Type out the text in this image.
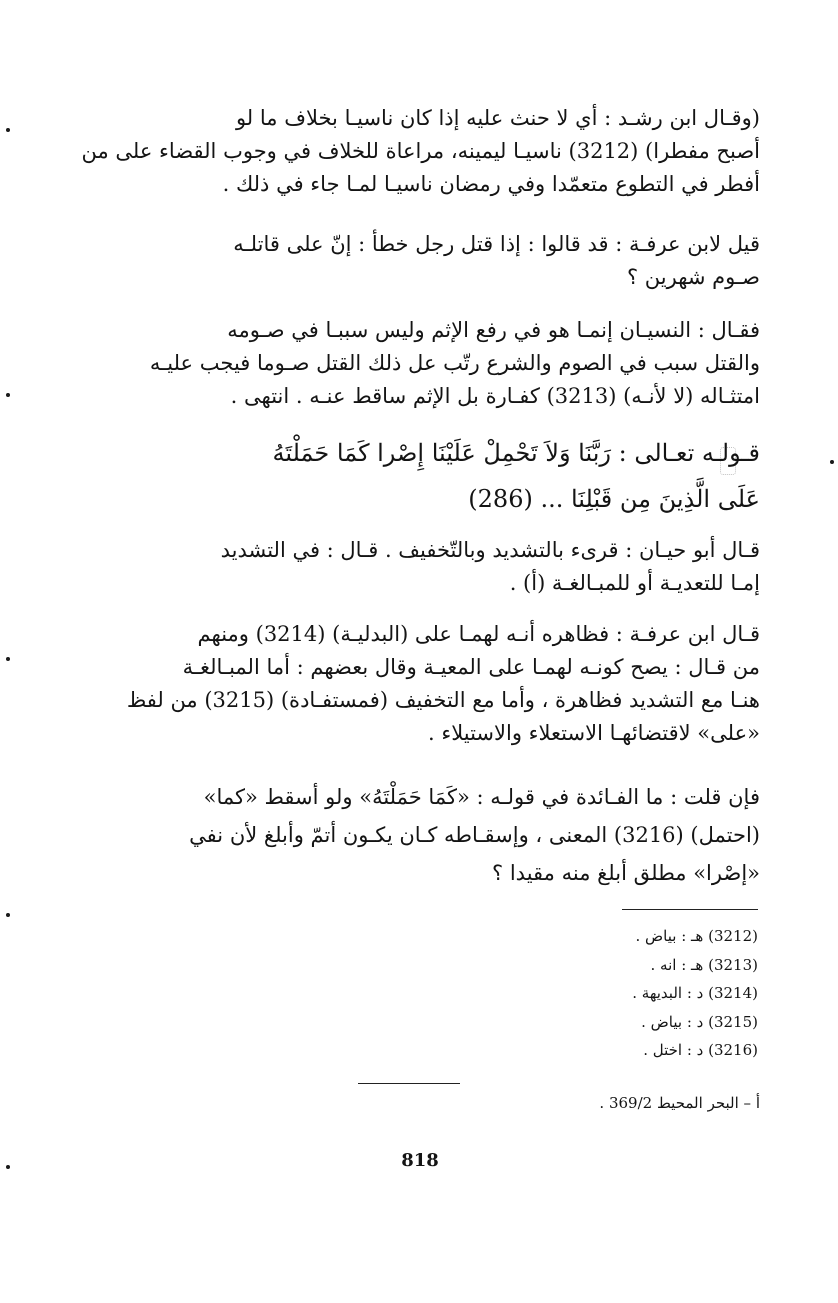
(وقـال ابن رشـد : أي لا حنث عليه إذا كان ناسيـا بخلاف ما لو
أصبح مفطرا) (3212) ناسيـا ليمينه، مراعاة للخلاف في وجوب القضاء على من
أفطر في التطوع متعمّدا وفي رمضان ناسيـا لمـا جاء في ذلك .
قيل لابن عرفـة : قد قالوا : إذا قتل رجل خطأ : إنّ على قاتلـه
صـوم شهرين ؟
فقـال : النسيـان إنمـا هو في رفع الإثم وليس سببـا في صـومه
والقتل سبب في الصوم والشرع رتّب عل ذلك القتل صـوما فيجب عليـه
امتثـاله (لا لأنـه) (3213) كفـارة بل الإثم ساقط عنـه . انتهى .
قـولـه تعـالى : رَبَّنَا وَلاَ تَحْمِلْ عَلَيْنَا إِصْرا كَمَا حَمَلْتَهُ
عَلَى الَّذِينَ مِن قَبْلِنَا ... (286)
قـال أبو حيـان : قرىء بالتشديد وبالتّخفيف . قـال : في التشديد
إمـا للتعديـة أو للمبـالغـة (أ) .
قـال ابن عرفـة : فظاهره أنـه لهمـا على (البدليـة) (3214) ومنهم
من قـال : يصح كونـه لهمـا على المعيـة وقال بعضهم : أما المبـالغـة
هنـا مع التشديد فظاهرة ، وأما مع التخفيف (فمستفـادة) (3215) من لفظ
«على» لاقتضائهـا الاستعلاء والاستيلاء .
فإن قلت : ما الفـائدة في قولـه : «كَمَا حَمَلْتَهُ» ولو أسقط «كما»
(احتمل) (3216) المعنى ، وإسقـاطه كـان يكـون أتمّ وأبلغ لأن نفي
«إصْرا» مطلق أبلغ منه مقيدا ؟
(3212) هـ : بياض .
(3213) هـ : انه .
(3214) د : البديهة .
(3215) د : بياض .
(3216) د : اختل .
أ – البحر المحيط 369/2 .
818
